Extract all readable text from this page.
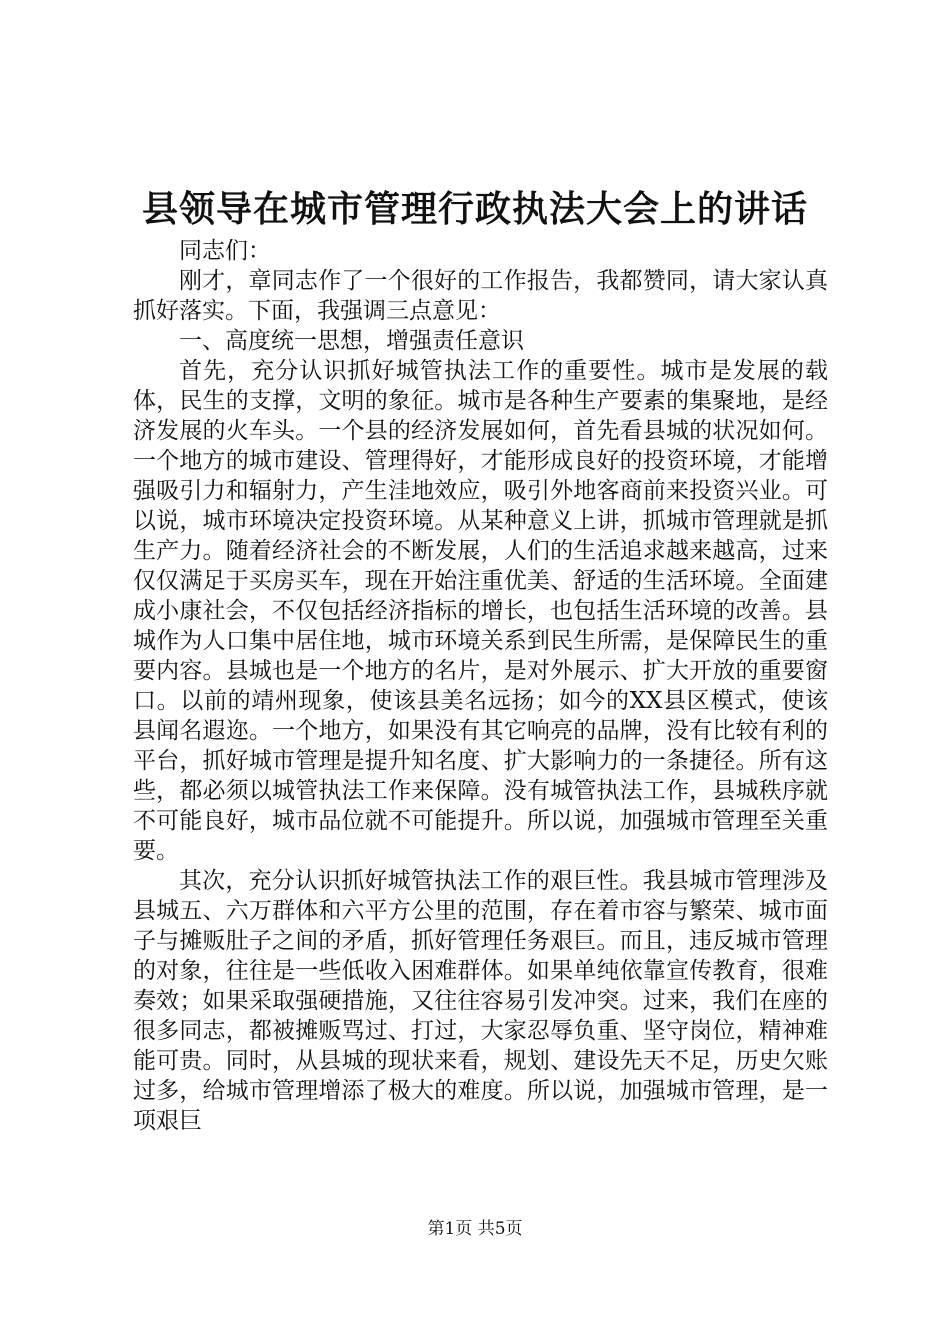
县领导在城市管理行政执法大会上的讲话

同志们：

刚才，章同志作了一个很好的工作报告，我都赞同，请大家认真抓好落实。下面，我强调三点意见：

一、高度统一思想，增强责任意识

首先，充分认识抓好城管执法工作的重要性。城市是发展的载体，民生的支撑，文明的象征。城市是各种生产要素的集聚地，是经济发展的火车头。一个县的经济发展如何，首先看县城的状况如何。一个地方的城市建设、管理得好，才能形成良好的投资环境，才能增强吸引力和辐射力，产生洼地效应，吸引外地客商前来投资兴业。可以说，城市环境决定投资环境。从某种意义上讲，抓城市管理就是抓生产力。随着经济社会的不断发展，人们的生活追求越来越高，过来仅仅满足于买房买车，现在开始注重优美、舒适的生活环境。全面建成小康社会，不仅包括经济指标的增长，也包括生活环境的改善。县城作为人口集中居住地，城市环境关系到民生所需，是保障民生的重要内容。县城也是一个地方的名片，是对外展示、扩大开放的重要窗口。以前的靖州现象，使该县美名远扬；如今的XX县区模式，使该县闻名遐迩。一个地方，如果没有其它响亮的品牌，没有比较有利的平台，抓好城市管理是提升知名度、扩大影响力的一条捷径。所有这些，都必须以城管执法工作来保障。没有城管执法工作，县城秩序就不可能良好，城市品位就不可能提升。所以说，加强城市管理至关重要。

其次，充分认识抓好城管执法工作的艰巨性。我县城市管理涉及县城五、六万群体和六平方公里的范围，存在着市容与繁荣、城市面子与摊贩肚子之间的矛盾，抓好管理任务艰巨。而且，违反城市管理的对象，往往是一些低收入困难群体。如果单纯依靠宣传教育，很难奏效；如果采取强硬措施，又往往容易引发冲突。过来，我们在座的很多同志，都被摊贩骂过、打过，大家忍辱负重、坚守岗位，精神难能可贵。同时，从县城的现状来看，规划、建设先天不足，历史欠账过多，给城市管理增添了极大的难度。所以说，加强城市管理，是一项艰巨

第1页 共5页
